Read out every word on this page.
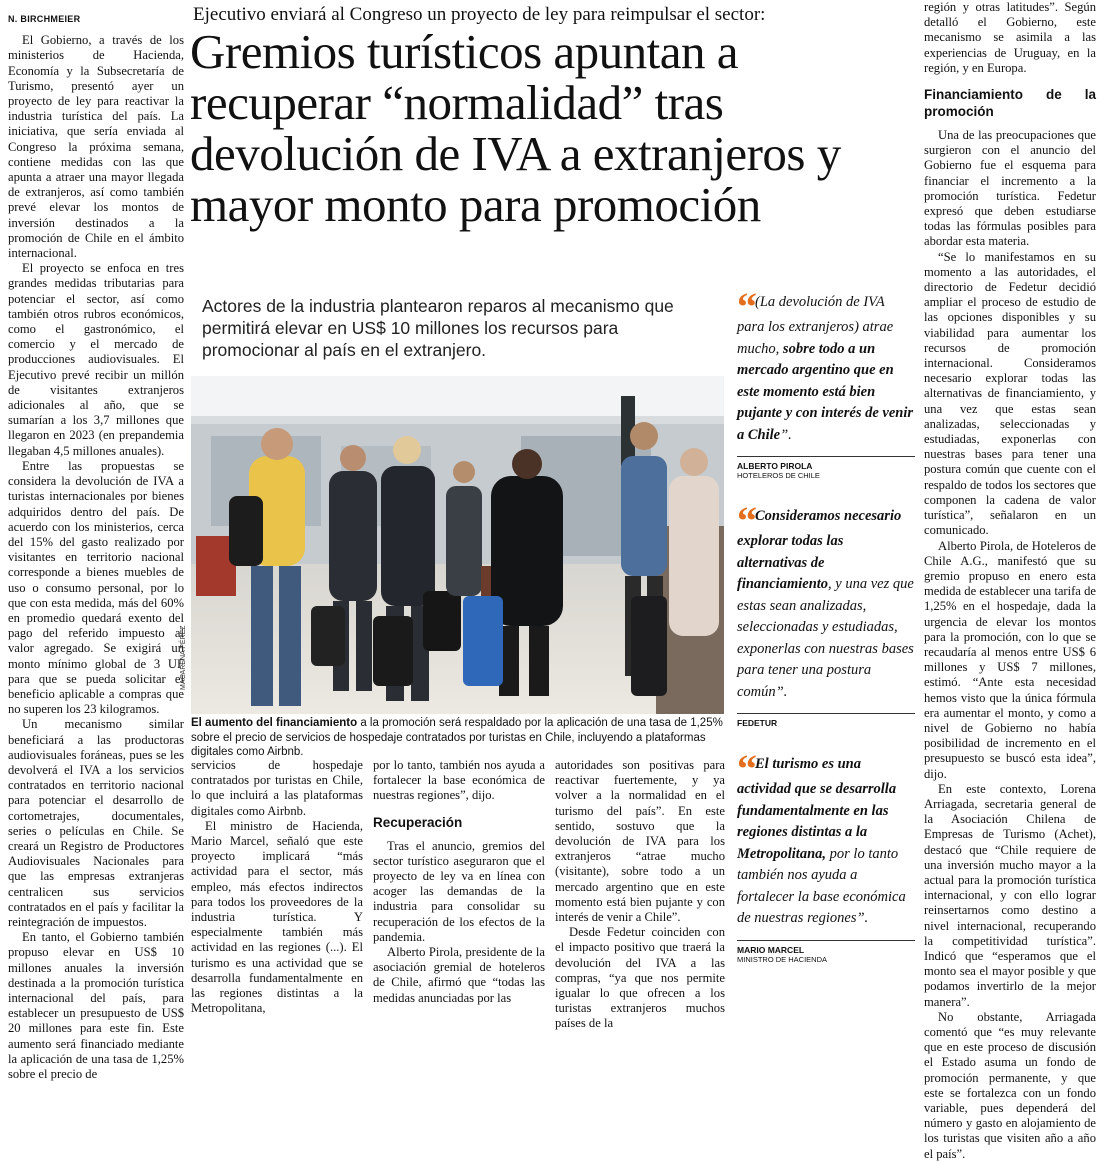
N. BIRCHMEIER

El Gobierno, a través de los ministerios de Hacienda, Economía y la Subsecretaría de Turismo, presentó ayer un proyecto de ley para reactivar la industria turística del país. La iniciativa, que sería enviada al Congreso la próxima semana, contiene medidas con las que apunta a atraer una mayor llegada de extranjeros, así como también prevé elevar los montos de inversión destinados a la promoción de Chile en el ámbito internacional.

El proyecto se enfoca en tres grandes medidas tributarias para potenciar el sector, así como también otros rubros económicos, como el gastronómico, el comercio y el mercado de producciones audiovisuales. El Ejecutivo prevé recibir un millón de visitantes extranjeros adicionales al año, que se sumarían a los 3,7 millones que llegaron en 2023 (en prepandemia llegaban 4,5 millones anuales).

Entre las propuestas se considera la devolución de IVA a turistas internacionales por bienes adquiridos dentro del país. De acuerdo con los ministerios, cerca del 15% del gasto realizado por visitantes en territorio nacional corresponde a bienes muebles de uso o consumo personal, por lo que con esta medida, más del 60% en promedio quedará exento del pago del referido impuesto al valor agregado. Se exigirá un monto mínimo global de 3 UF para que se pueda solicitar el beneficio aplicable a compras que no superen los 23 kilogramos.

Un mecanismo similar beneficiará a las productoras audiovisuales foráneas, pues se les devolverá el IVA a los servicios contratados en territorio nacional para potenciar el desarrollo de cortometrajes, documentales, series o películas en Chile. Se creará un Registro de Productores Audiovisuales Nacionales para que las empresas extranjeras centralicen sus servicios contratados en el país y facilitar la reintegración de impuestos.

En tanto, el Gobierno también propuso elevar en US$ 10 millones anuales la inversión destinada a la promoción turística internacional del país, para establecer un presupuesto de US$ 20 millones para este fin. Este aumento será financiado mediante la aplicación de una tasa de 1,25% sobre el precio de

Ejecutivo enviará al Congreso un proyecto de ley para reimpulsar el sector:
Gremios turísticos apuntan a recuperar “normalidad” tras devolución de IVA a extranjeros y mayor monto para promoción
Actores de la industria plantearon reparos al mecanismo que permitirá elevar en US$ 10 millones los recursos para promocionar al país en el extranjero.
MACARENA PÉREZ
El aumento del financiamiento a la promoción será respaldado por la aplicación de una tasa de 1,25% sobre el precio de servicios de hospedaje contratados por turistas en Chile, incluyendo a plataformas digitales como Airbnb.

servicios de hospedaje contratados por turistas en Chile, lo que incluirá a las plataformas digitales como Airbnb.

El ministro de Hacienda, Mario Marcel, señaló que este proyecto implicará “más actividad para el sector, más empleo, más efectos indirectos para todos los proveedores de la industria turística. Y especialmente también más actividad en las regiones (...). El turismo es una actividad que se desarrolla fundamentalmente en las regiones distintas a la Metropolitana,

por lo tanto, también nos ayuda a fortalecer la base económica de nuestras regiones”, dijo.

Recuperación

Tras el anuncio, gremios del sector turístico aseguraron que el proyecto de ley va en línea con acoger las demandas de la industria para consolidar su recuperación de los efectos de la pandemia.

Alberto Pirola, presidente de la asociación gremial de hoteleros de Chile, afirmó que “todas las medidas anunciadas por las

autoridades son positivas para reactivar fuertemente, y ya volver a la normalidad en el turismo del país”. En este sentido, sostuvo que la devolución de IVA para los extranjeros “atrae mucho (visitante), sobre todo a un mercado argentino que en este momento está bien pujante y con interés de venir a Chile”.

Desde Fedetur coinciden con el impacto positivo que traerá la devolución del IVA a las compras, “ya que nos permite igualar lo que ofrecen a los turistas extranjeros muchos países de la

“ (La devolución de IVA para los extranjeros) atrae mucho, sobre todo a un mercado argentino que en este momento está bien pujante y con interés de venir a Chile”.
ALBERTO PIROLA
HOTELEROS DE CHILE
“ Consideramos necesario explorar todas las alternativas de financiamiento, y una vez que estas sean analizadas, seleccionadas y estudiadas, exponerlas con nuestras bases para tener una postura común”.
FEDETUR
“ El turismo es una actividad que se desarrolla fundamentalmente en las regiones distintas a la Metropolitana, por lo tanto también nos ayuda a fortalecer la base económica de nuestras regiones”.
MARIO MARCEL
MINISTRO DE HACIENDA

región y otras latitudes”. Según detalló el Gobierno, este mecanismo se asimila a las experiencias de Uruguay, en la región, y en Europa.

Financiamiento de la promoción

Una de las preocupaciones que surgieron con el anuncio del Gobierno fue el esquema para financiar el incremento a la promoción turística. Fedetur expresó que deben estudiarse todas las fórmulas posibles para abordar esta materia.

“Se lo manifestamos en su momento a las autoridades, el directorio de Fedetur decidió ampliar el proceso de estudio de las opciones disponibles y su viabilidad para aumentar los recursos de promoción internacional. Consideramos necesario explorar todas las alternativas de financiamiento, y una vez que estas sean analizadas, seleccionadas y estudiadas, exponerlas con nuestras bases para tener una postura común que cuente con el respaldo de todos los sectores que componen la cadena de valor turística”, señalaron en un comunicado.

Alberto Pirola, de Hoteleros de Chile A.G., manifestó que su gremio propuso en enero esta medida de establecer una tarifa de 1,25% en el hospedaje, dada la urgencia de elevar los montos para la promoción, con lo que se recaudaría al menos entre US$ 6 millones y US$ 7 millones, estimó. “Ante esta necesidad hemos visto que la única fórmula era aumentar el monto, y como a nivel de Gobierno no había posibilidad de incremento en el presupuesto se buscó esta idea”, dijo.

En este contexto, Lorena Arriagada, secretaria general de la Asociación Chilena de Empresas de Turismo (Achet), destacó que “Chile requiere de una inversión mucho mayor a la actual para la promoción turística internacional, y con ello lograr reinsertarnos como destino a nivel internacional, recuperando la competitividad turística”. Indicó que “esperamos que el monto sea el mayor posible y que podamos invertirlo de la mejor manera”.

No obstante, Arriagada comentó que “es muy relevante que en este proceso de discusión el Estado asuma un fondo de promoción permanente, y que este se fortalezca con un fondo variable, pues dependerá del número y gasto en alojamiento de los turistas que visiten año a año el país”.
